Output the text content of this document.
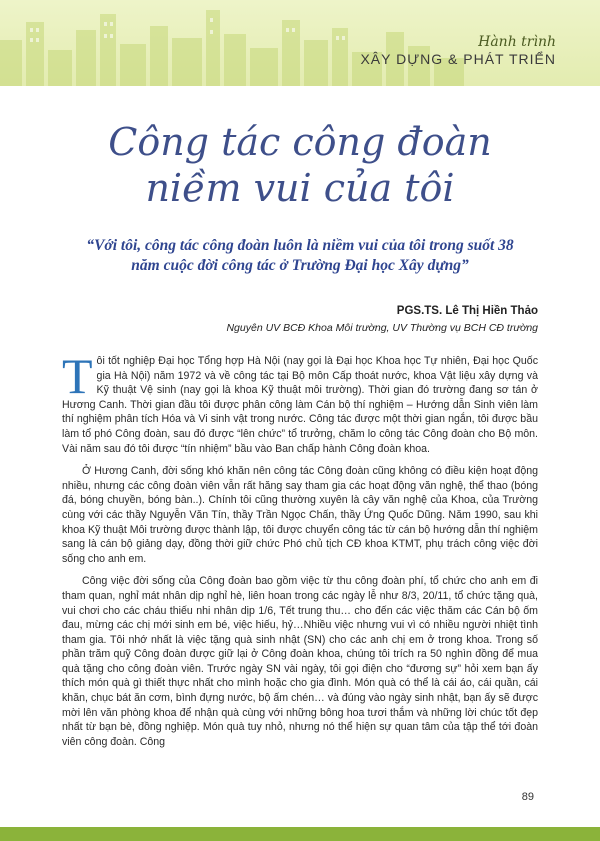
Hành trình
XÂY DỰNG & PHÁT TRIỂN
Công tác công đoàn
niềm vui của tôi
“Với tôi, công tác công đoàn luôn là niềm vui của tôi trong suốt 38 năm cuộc đời công tác ở Trường Đại học Xây dựng”
PGS.TS. Lê Thị Hiền Thảo
Nguyên UV BCĐ Khoa Môi trường, UV Thường vụ BCH CĐ trường

Tôi tốt nghiệp Đại học Tổng hợp Hà Nội (nay gọi là Đại học Khoa học Tự nhiên, Đại học Quốc gia Hà Nội) năm 1972 và về công tác tại Bộ môn Cấp thoát nước, khoa Vật liệu xây dựng và Kỹ thuật Vệ sinh (nay gọi là khoa Kỹ thuật môi trường). Thời gian đó trường đang sơ tán ở Hương Canh. Thời gian đầu tôi được phân công làm Cán bộ thí nghiệm – Hướng dẫn Sinh viên làm thí nghiệm phân tích Hóa và Vi sinh vật trong nước. Công tác được một thời gian ngắn, tôi được bầu làm tổ phó Công đoàn, sau đó được “lên chức” tổ trưởng, chăm lo công tác Công đoàn cho Bộ môn. Vài năm sau đó tôi được “tín nhiệm” bầu vào Ban chấp hành Công đoàn khoa.

Ở Hương Canh, đời sống khó khăn nên công tác Công đoàn cũng không có điều kiện hoạt động nhiều, nhưng các công đoàn viên vẫn rất hăng say tham gia các hoạt động văn nghệ, thể thao (bóng đá, bóng chuyền, bóng bàn..). Chính tôi cũng thường xuyên là cây văn nghệ của Khoa, của Trường cùng với các thầy Nguyễn Văn Tín, thầy Trần Ngọc Chấn, thầy Ứng Quốc Dũng. Năm 1990, sau khi khoa Kỹ thuật Môi trường được thành lập, tôi được chuyển công tác từ cán bộ hướng dẫn thí nghiệm sang là cán bộ giảng dạy, đồng thời giữ chức Phó chủ tịch CĐ khoa KTMT, phụ trách công việc đời sống cho anh em.

Công việc đời sống của Công đoàn bao gồm việc từ thu công đoàn phí, tổ chức cho anh em đi tham quan, nghỉ mát nhân dịp nghỉ hè, liên hoan trong các ngày lễ như 8/3, 20/11, tổ chức tặng quà, vui chơi cho các cháu thiếu nhi nhân dịp 1/6, Tết trung thu… cho đến các việc thăm các Cán bộ ốm đau, mừng các chị mới sinh em bé, việc hiếu, hỷ…Nhiều việc nhưng vui vì có nhiều người nhiệt tình tham gia. Tôi nhớ nhất là việc tặng quà sinh nhật (SN) cho các anh chị em ở trong khoa. Trong số phần trăm quỹ Công đoàn được giữ lại ở Công đoàn khoa, chúng tôi trích ra 50 nghìn đồng để mua quà tặng cho công đoàn viên. Trước ngày SN vài ngày, tôi gọi điện cho “đương sự” hỏi xem bạn ấy thích món quà gì thiết thực nhất cho mình hoặc cho gia đình. Món quà có thể là cái áo, cái quần, cái khăn, chục bát ăn cơm, bình đựng nước, bộ ấm chén… và đúng vào ngày sinh nhật, bạn ấy sẽ được mời lên văn phòng khoa để nhận quà cùng với những bông hoa tươi thắm và những lời chúc tốt đẹp nhất từ bạn bè, đồng nghiệp. Món quà tuy nhỏ, nhưng nó thể hiện sự quan tâm của tập thể tới đoàn viên công đoàn. Công

89
